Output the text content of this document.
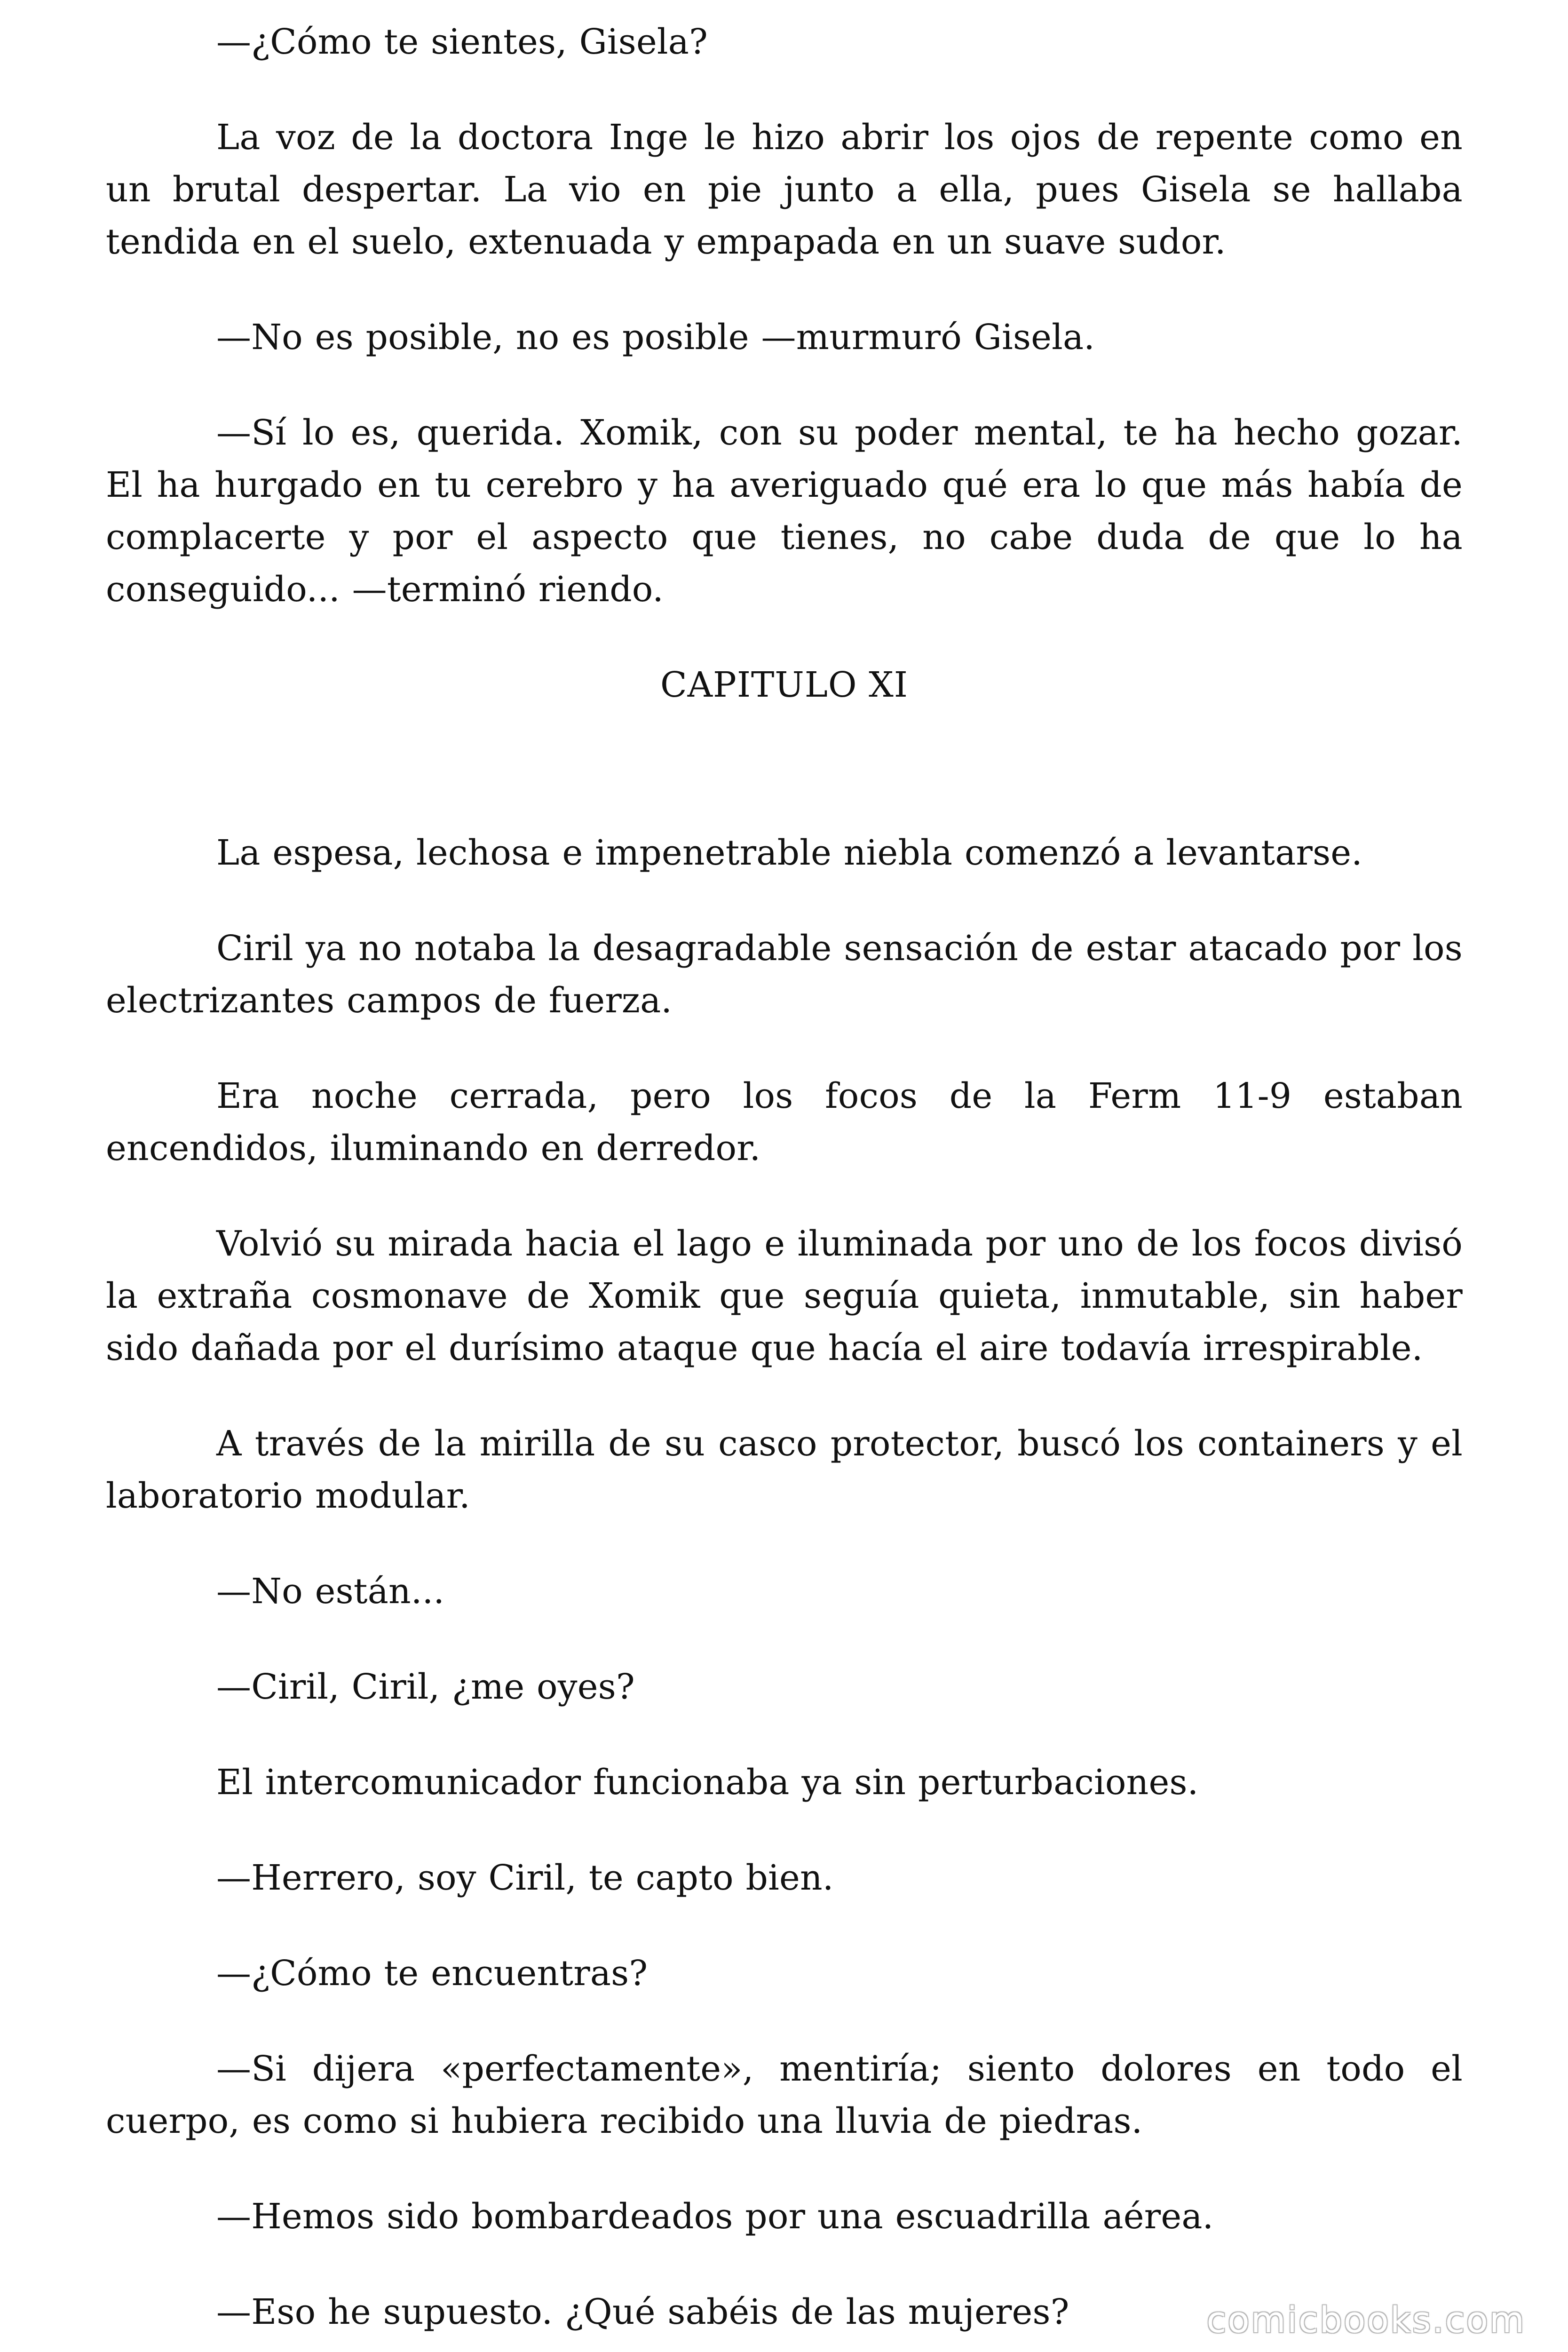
—¿Cómo te sientes, Gisela?

La voz de la doctora Inge le hizo abrir los ojos de repente como en un brutal despertar. La vio en pie junto a ella, pues Gisela se hallaba tendida en el suelo, extenuada y empapada en un suave sudor.

—No es posible, no es posible —murmuró Gisela.

—Sí lo es, querida. Xomik, con su poder mental, te ha hecho gozar. El ha hurgado en tu cerebro y ha averiguado qué era lo que más había de complacerte y por el aspecto que tienes, no cabe duda de que lo ha conseguido... —terminó riendo.

CAPITULO XI

La espesa, lechosa e impenetrable niebla comenzó a levantarse.

Ciril ya no notaba la desagradable sensación de estar atacado por los electrizantes campos de fuerza.

Era noche cerrada, pero los focos de la Ferm 11-9 estaban encendidos, iluminando en derredor.

Volvió su mirada hacia el lago e iluminada por uno de los focos divisó la extraña cosmonave de Xomik que seguía quieta, inmutable, sin haber sido dañada por el durísimo ataque que hacía el aire todavía irrespirable.

A través de la mirilla de su casco protector, buscó los containers y el laboratorio modular.

—No están...

—Ciril, Ciril, ¿me oyes?

El intercomunicador funcionaba ya sin perturbaciones.

—Herrero, soy Ciril, te capto bien.

—¿Cómo te encuentras?

—Si dijera «perfectamente», mentiría; siento dolores en todo el cuerpo, es como si hubiera recibido una lluvia de piedras.

—Hemos sido bombardeados por una escuadrilla aérea.

—Eso he supuesto. ¿Qué sabéis de las mujeres?	comicbooks.com
